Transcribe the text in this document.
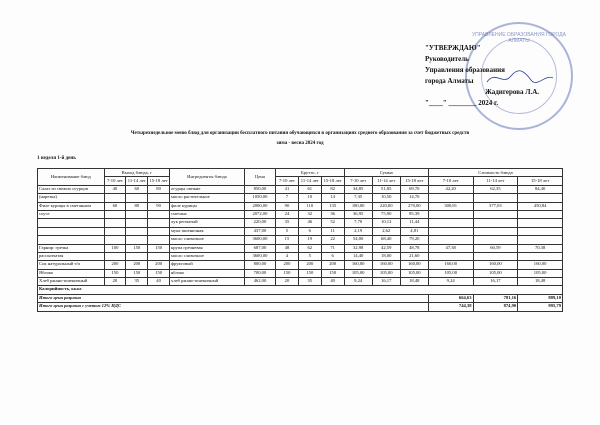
УПРАВЛЕНИЕ ОБРАЗОВАНИЯ ГОРОДА АЛМАТЫ
"УТВЕРЖДАЮ"
Руководитель
Управления образования
города Алматы
Жадигерова Л.А.
"____" ________ 2024 г.
Четырехнедельное меню блюд для организации бесплатного питания обучающихся в организациях среднего образования за счет бюджетных средств
зима - весна 2024 год
1 неделя 1-й день
Наименование блюд	Выход блюда, г			Ингредиенты блюда	Цена	Брутто, г			Сумма			Стоимость блюда		
	7-10 лет	11-14 лет	15-18 лет			7-10 лет	11-14 лет	15-18 лет	7-10 лет	11-14 лет	15-18 лет	7-10 лет	11-14 лет	15-18 лет
Салат из свежих огурцов	40	60	80	огурцы свежие	850,00	41	61	82	34,85	51,85	69,70	42,20	62,35	84,40
(нарезка)				масло растительное	1050,00	7	10	14	7,35	10,50	14,70			
Филе курицы в сметанном	60	80	90	филе курицы	2000,00	90	110	135	180,00	220,00	270,00	300,81	377,03	450,84
соусе				сметана	2072,00	24	32	36	36,95	75,90	85,39			
				лук репчатый	220,00	35	46	52	7,70	10,12	11,44			
				мука пшеничная	437,00	5	6	11	2,19	2,62	4,81			
				масло сливочное	3600,00	15	19	22	54,00	68,40	79,20			
Гарнир: гречка	100	150	150	крупа гречневая	687,00	48	62	71	32,98	42,59	48,78	47,38	60,59	70,38
рассыпчатая				масло сливочное	3600,00	4	5	6	14,40	18,00	21,60			
Сок натуральный т/п	200	200	200	фруктовый	800,00	200	200	200	160,00	160,00	160,00	160,00	160,00	160,00
Яблоко	150	150	150	яблоко	700,00	150	150	150	105,00	105,00	105,00	105,00	105,00	105,00
Хлеб ржано-пшеничный	20	35	40	хлеб ржано-пшеничный	462,00	20	35	40	9,24	16,17	18,48	9,24	16,17	18,48
Калорийность, ккал														
Итого цена рациона												664,63	781,16	889,10
Итого цена рациона с учетом 12% НДС												744,38	874,90	995,79
